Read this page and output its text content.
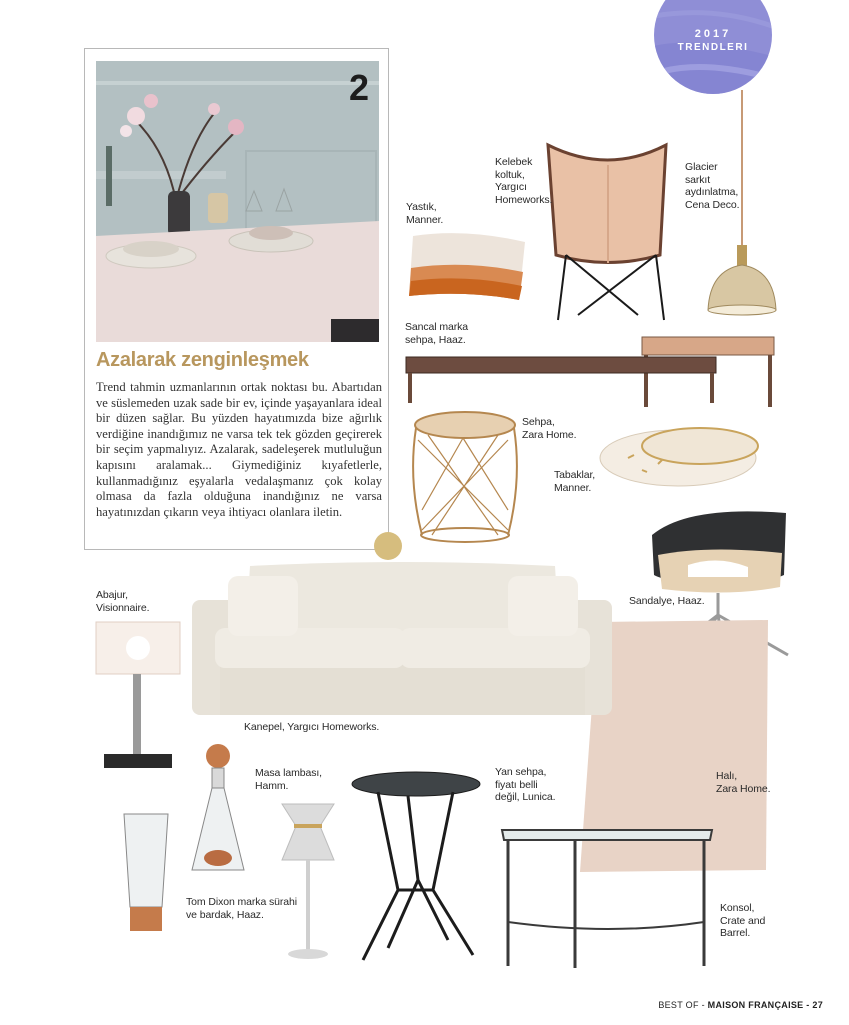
2017
TRENDLERI
2
Azalarak zenginleşmek
Trend tahmin uzmanlarının ortak noktası bu. Abartıdan ve süslemeden uzak sade bir ev, içinde yaşayanlara ideal bir düzen sağlar. Bu yüzden hayatımızda bize ağırlık verdiğine inandığımız ne varsa tek tek gözden geçirerek bir seçim yapmalıyız. Azalarak, sadeleşerek mutluluğun kapısını aralamak... Giymediğiniz kıyafetlerle, kullanmadığınız eşyalarla vedalaşmanız çok kolay olmasa da fazla olduğuna inandığınız ne varsa hayatınızdan çıkarın veya ihtiyacı olanlara iletin.
Glacier
sarkıt
aydınlatma,
Cena Deco.
Kelebek
koltuk,
Yargıcı
Homeworks.
Yastık,
Manner.
Sancal marka
sehpa, Haaz.
Sehpa,
Zara Home.
Tabaklar,
Manner.
Sandalye, Haaz.
Halı,
Zara Home.
Kanepel, Yargıcı Homeworks.
Abajur,
Visionnaire.
Masa lambası,
Hamm.
Tom Dixon marka sürahi
ve bardak, Haaz.
Yan sehpa,
fiyatı belli
değil, Lunica.
Konsol,
Crate and
Barrel.
BEST OF - MAISON FRANÇAISE - 27
